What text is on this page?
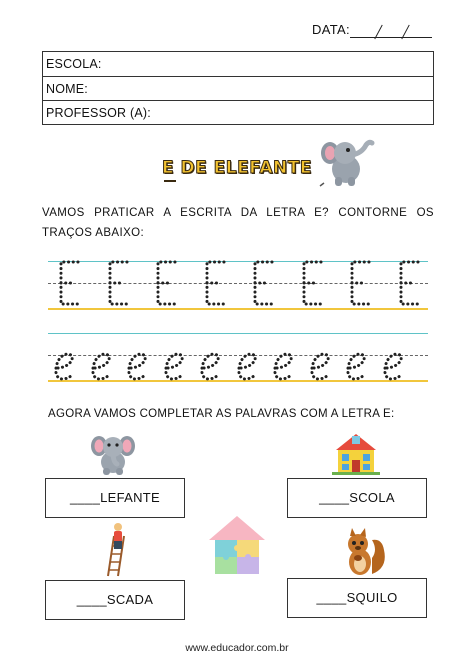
DATA:
ESCOLA:
NOME:
PROFESSOR (A):
E DE ELEFANTE
VAMOS PRATICAR A ESCRITA DA LETRA E? CONTORNE OS TRAÇOS ABAIXO:
AGORA VAMOS COMPLETAR AS PALAVRAS COM A LETRA E:
____LEFANTE	____SCOLA
____SCADA	____SQUILO
www.educador.com.br
